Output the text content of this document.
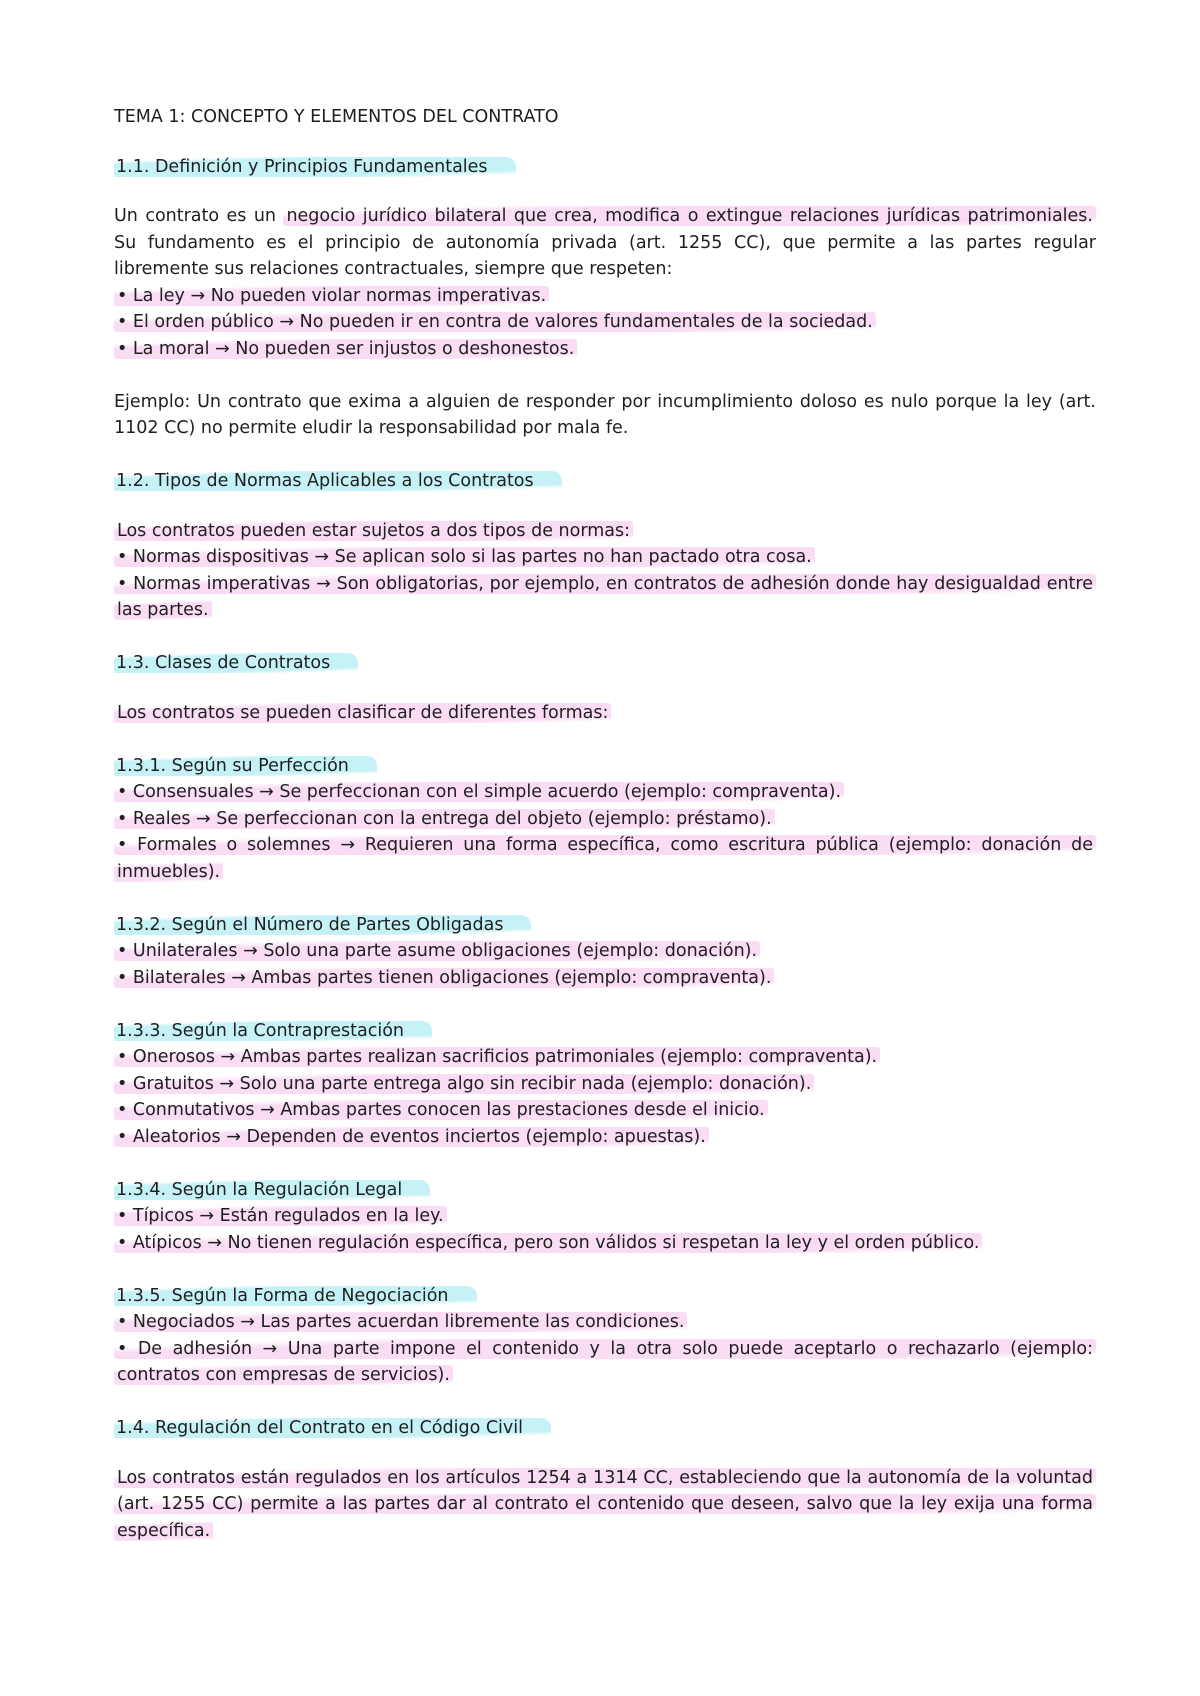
TEMA 1: CONCEPTO Y ELEMENTOS DEL CONTRATO
1.1. Definición y Principios Fundamentales

Un contrato es un negocio jurídico bilateral que crea, modifica o extingue relaciones jurídicas patrimoniales. Su fundamento es el principio de autonomía privada (art. 1255 CC), que permite a las partes regular libremente sus relaciones contractuales, siempre que respeten:

• La ley → No pueden violar normas imperativas.
• El orden público → No pueden ir en contra de valores fundamentales de la sociedad.
• La moral → No pueden ser injustos o deshonestos.

Ejemplo: Un contrato que exima a alguien de responder por incumplimiento doloso es nulo porque la ley (art. 1102 CC) no permite eludir la responsabilidad por mala fe.

1.2. Tipos de Normas Aplicables a los Contratos

Los contratos pueden estar sujetos a dos tipos de normas:

• Normas dispositivas → Se aplican solo si las partes no han pactado otra cosa.
• Normas imperativas → Son obligatorias, por ejemplo, en contratos de adhesión donde hay desigualdad entre las partes.
1.3. Clases de Contratos

Los contratos se pueden clasificar de diferentes formas:

1.3.1. Según su Perfección
• Consensuales → Se perfeccionan con el simple acuerdo (ejemplo: compraventa).
• Reales → Se perfeccionan con la entrega del objeto (ejemplo: préstamo).
• Formales o solemnes → Requieren una forma específica, como escritura pública (ejemplo: donación de inmuebles).
1.3.2. Según el Número de Partes Obligadas
• Unilaterales → Solo una parte asume obligaciones (ejemplo: donación).
• Bilaterales → Ambas partes tienen obligaciones (ejemplo: compraventa).
1.3.3. Según la Contraprestación
• Onerosos → Ambas partes realizan sacrificios patrimoniales (ejemplo: compraventa).
• Gratuitos → Solo una parte entrega algo sin recibir nada (ejemplo: donación).
• Conmutativos → Ambas partes conocen las prestaciones desde el inicio.
• Aleatorios → Dependen de eventos inciertos (ejemplo: apuestas).
1.3.4. Según la Regulación Legal
• Típicos → Están regulados en la ley.
• Atípicos → No tienen regulación específica, pero son válidos si respetan la ley y el orden público.
1.3.5. Según la Forma de Negociación
• Negociados → Las partes acuerdan libremente las condiciones.
• De adhesión → Una parte impone el contenido y la otra solo puede aceptarlo o rechazarlo (ejemplo: contratos con empresas de servicios).
1.4. Regulación del Contrato en el Código Civil

Los contratos están regulados en los artículos 1254 a 1314 CC, estableciendo que la autonomía de la voluntad (art. 1255 CC) permite a las partes dar al contrato el contenido que deseen, salvo que la ley exija una forma específica.
